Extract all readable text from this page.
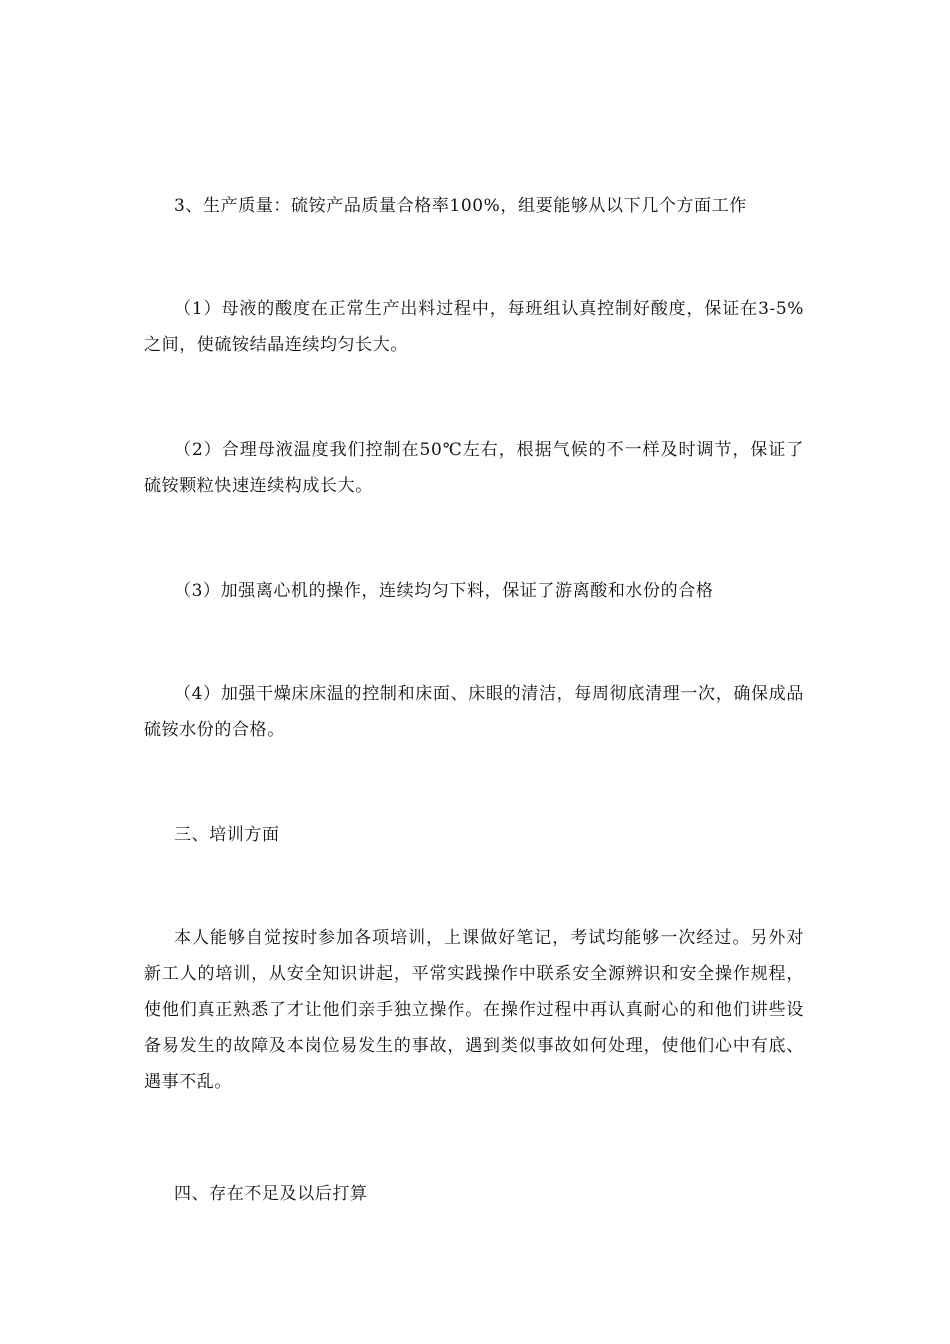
3、生产质量：硫铵产品质量合格率100%，组要能够从以下几个方面工作

（1）母液的酸度在正常生产出料过程中，每班组认真控制好酸度，保证在3-5%之间，使硫铵结晶连续均匀长大。

（2）合理母液温度我们控制在50℃左右，根据气候的不一样及时调节，保证了硫铵颗粒快速连续构成长大。

（3）加强离心机的操作，连续均匀下料，保证了游离酸和水份的合格

（4）加强干燥床床温的控制和床面、床眼的清洁，每周彻底清理一次，确保成品硫铵水份的合格。

三、培训方面

本人能够自觉按时参加各项培训，上课做好笔记，考试均能够一次经过。另外对新工人的培训，从安全知识讲起，平常实践操作中联系安全源辨识和安全操作规程，使他们真正熟悉了才让他们亲手独立操作。在操作过程中再认真耐心的和他们讲些设备易发生的故障及本岗位易发生的事故，遇到类似事故如何处理，使他们心中有底、遇事不乱。

四、存在不足及以后打算
